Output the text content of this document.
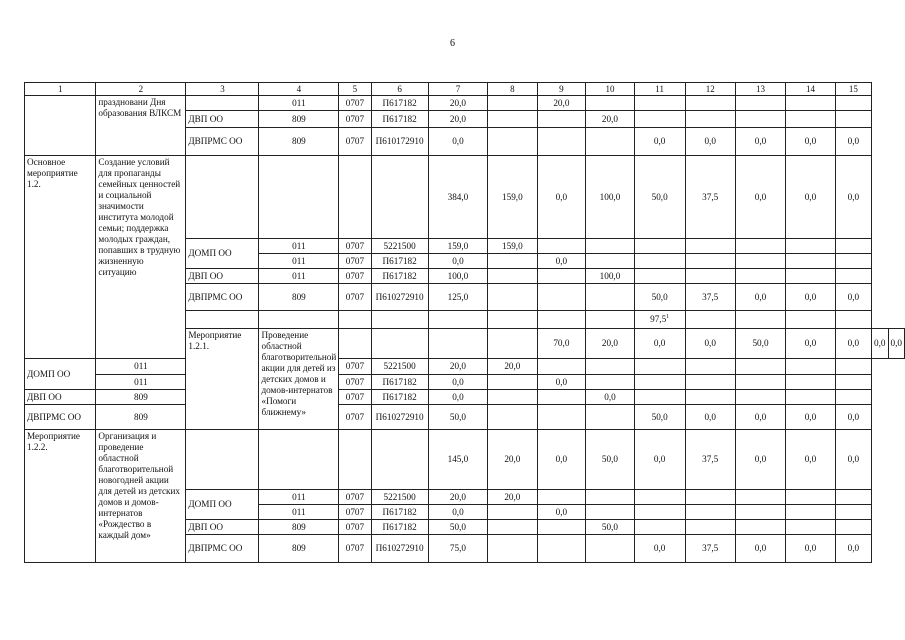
6
1	2	3	4	5	6	7	8	9	10	11	12	13	14	15		
	праздновани Дня образования ВЛКСМ		011	0707	П617182	20,0		20,0								
		ДВП ОО	809	0707	П617182	20,0			20,0							
		ДВПРМС ОО	809	0707	П610172910	0,0				0,0	0,0	0,0	0,0	0,0		
Основное мероприятие 1.2.	Создание условий для пропаганды семейных ценностей и социальной значимости института молодой семьи; поддержка молодых граждан, попавших в трудную жизненную ситуацию					384,0	159,0	0,0	100,0	50,0	37,5	0,0	0,0	0,0		
		ДОМП ОО	011	0707	5221500	159,0	159,0									
			011	0707	П617182	0,0		0,0								
		ДВП ОО	011	0707	П617182	100,0			100,0							
		ДВПРМС ОО	809	0707	П610272910	125,0				50,0	37,5	0,0	0,0	0,0		
										97,5$^1$				
		Мероприятие 1.2.1.	Проведение областной благотворительной акции для детей из детских домов и домов-интернатов «Помоги ближнему»					70,0	20,0	0,0	0,0	50,0	0,0	0,0	0,0	0,0
ДОМП ОО	011			0707	5221500	20,0	20,0									
	011			0707	П617182	0,0		0,0								
ДВП ОО	809			0707	П617182	0,0			0,0							
ДВПРМС ОО	809			0707	П610272910	50,0				50,0	0,0	0,0	0,0	0,0		
Мероприятие 1.2.2.	Организация и проведение областной благотворительной новогодней акции для детей из детских домов и домов-интернатов «Рождество в каждый дом»					145,0	20,0	0,0	50,0	0,0	37,5	0,0	0,0	0,0		
		ДОМП ОО	011	0707	5221500	20,0	20,0									
			011	0707	П617182	0,0		0,0								
		ДВП ОО	809	0707	П617182	50,0			50,0							
		ДВПРМС ОО	809	0707	П610272910	75,0				0,0	37,5	0,0	0,0	0,0		
